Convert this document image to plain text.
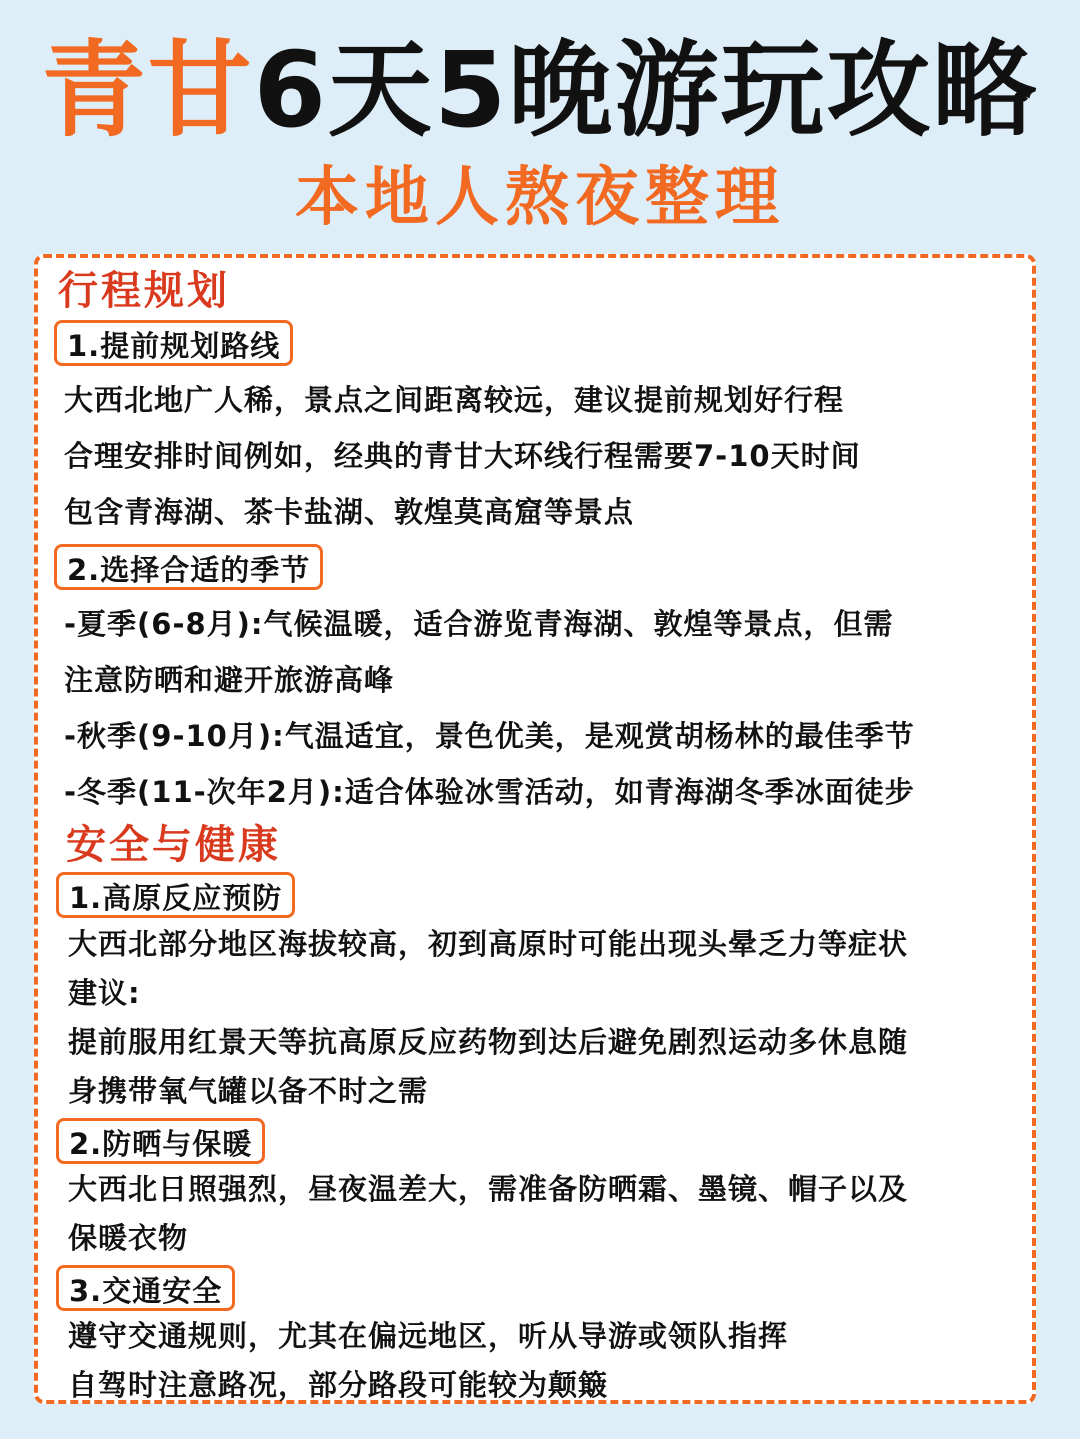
青甘6天5晚游玩攻略
本地人熬夜整理
行程规划
1.提前规划路线
大西北地广人稀，景点之间距离较远，建议提前规划好行程
合理安排时间例如，经典的青甘大环线行程需要7-10天时间
包含青海湖、茶卡盐湖、敦煌莫高窟等景点
2.选择合适的季节
-夏季(6-8月):气候温暖，适合游览青海湖、敦煌等景点，但需
注意防晒和避开旅游高峰
-秋季(9-10月):气温适宜，景色优美，是观赏胡杨林的最佳季节
-冬季(11-次年2月):适合体验冰雪活动，如青海湖冬季冰面徒步
安全与健康
1.高原反应预防
大西北部分地区海拔较高，初到高原时可能出现头晕乏力等症状
建议:
提前服用红景天等抗高原反应药物到达后避免剧烈运动多休息随
身携带氧气罐以备不时之需
2.防晒与保暖
大西北日照强烈，昼夜温差大，需准备防晒霜、墨镜、帽子以及
保暖衣物
3.交通安全
遵守交通规则，尤其在偏远地区，听从导游或领队指挥
自驾时注意路况，部分路段可能较为颠簸
